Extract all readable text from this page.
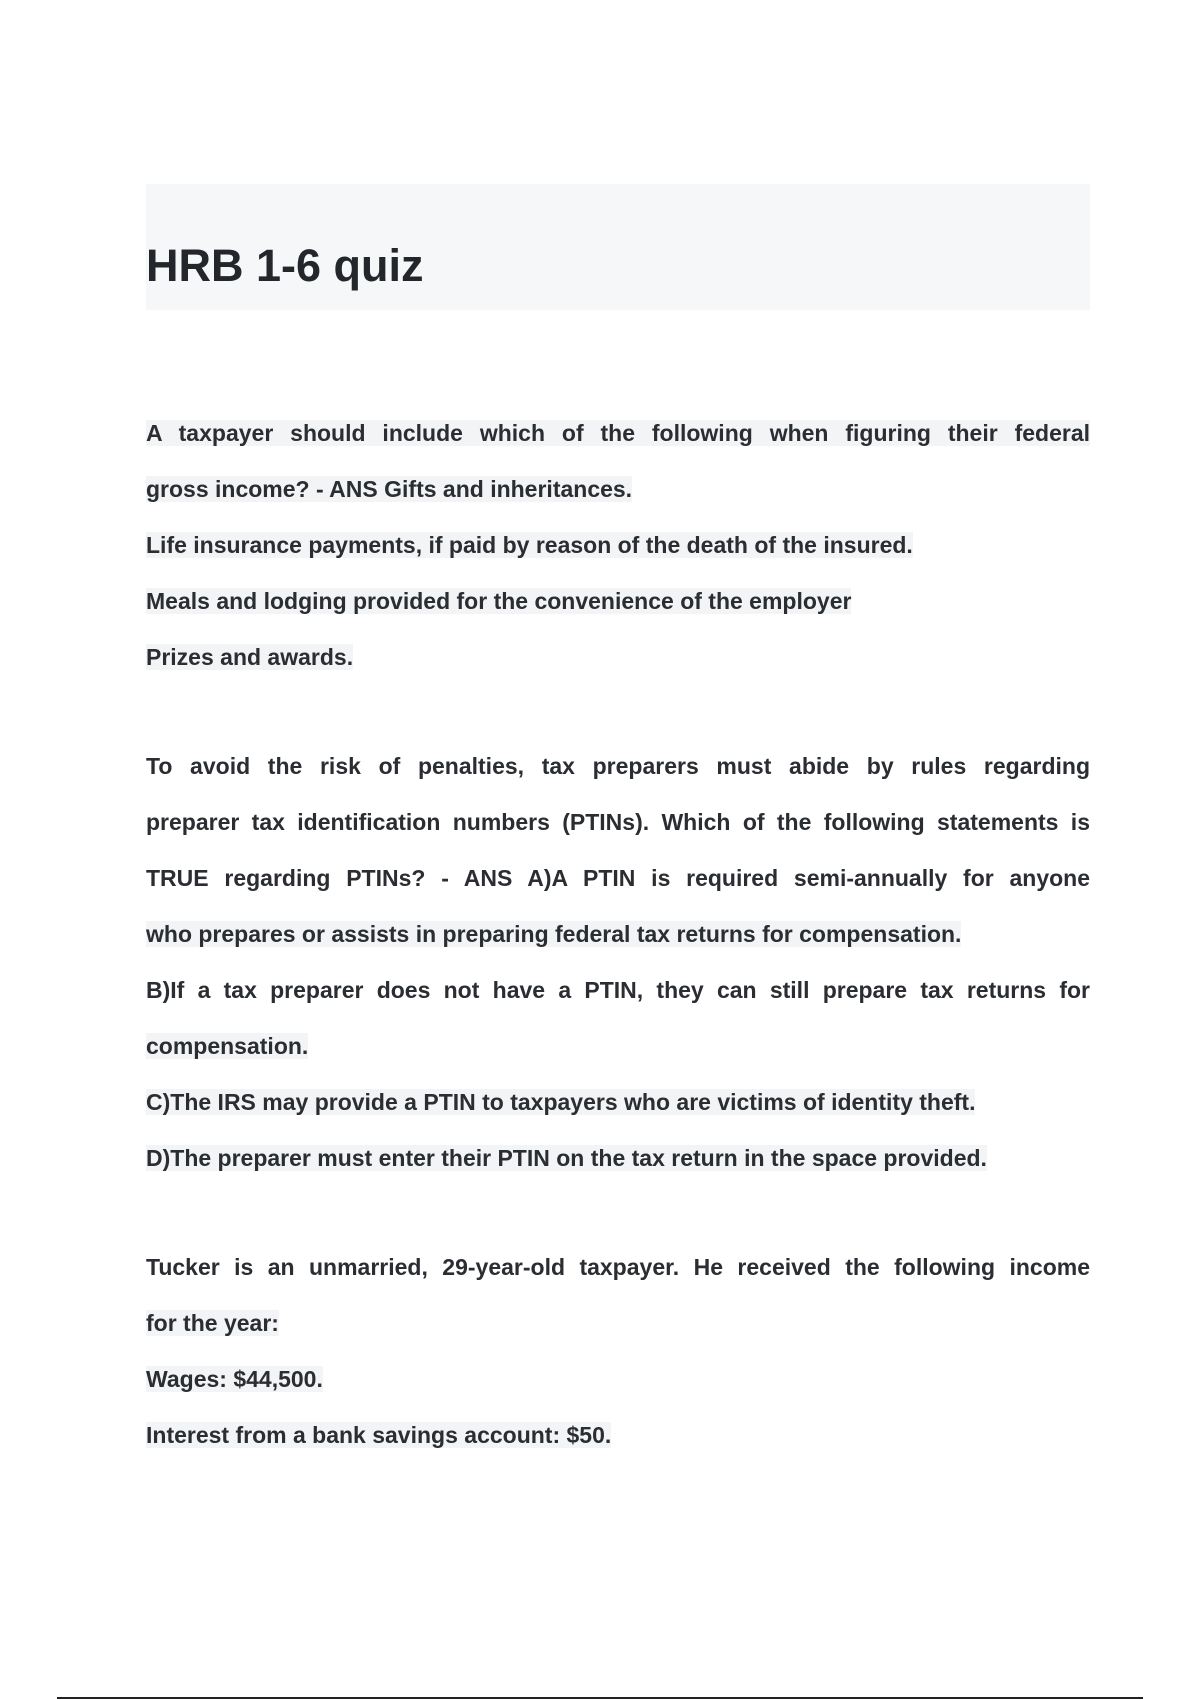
HRB 1-6 quiz
A taxpayer should include which of the following when figuring their federal
gross income? - ANS Gifts and inheritances.
Life insurance payments, if paid by reason of the death of the insured.
Meals and lodging provided for the convenience of the employer
Prizes and awards.
To avoid the risk of penalties, tax preparers must abide by rules regarding
preparer tax identification numbers (PTINs). Which of the following statements is
TRUE regarding PTINs? - ANS A)A PTIN is required semi-annually for anyone
who prepares or assists in preparing federal tax returns for compensation.
B)If a tax preparer does not have a PTIN, they can still prepare tax returns for
compensation.
C)The IRS may provide a PTIN to taxpayers who are victims of identity theft.
D)The preparer must enter their PTIN on the tax return in the space provided.
Tucker is an unmarried, 29-year-old taxpayer. He received the following income
for the year:
Wages: $44,500.
Interest from a bank savings account: $50.
